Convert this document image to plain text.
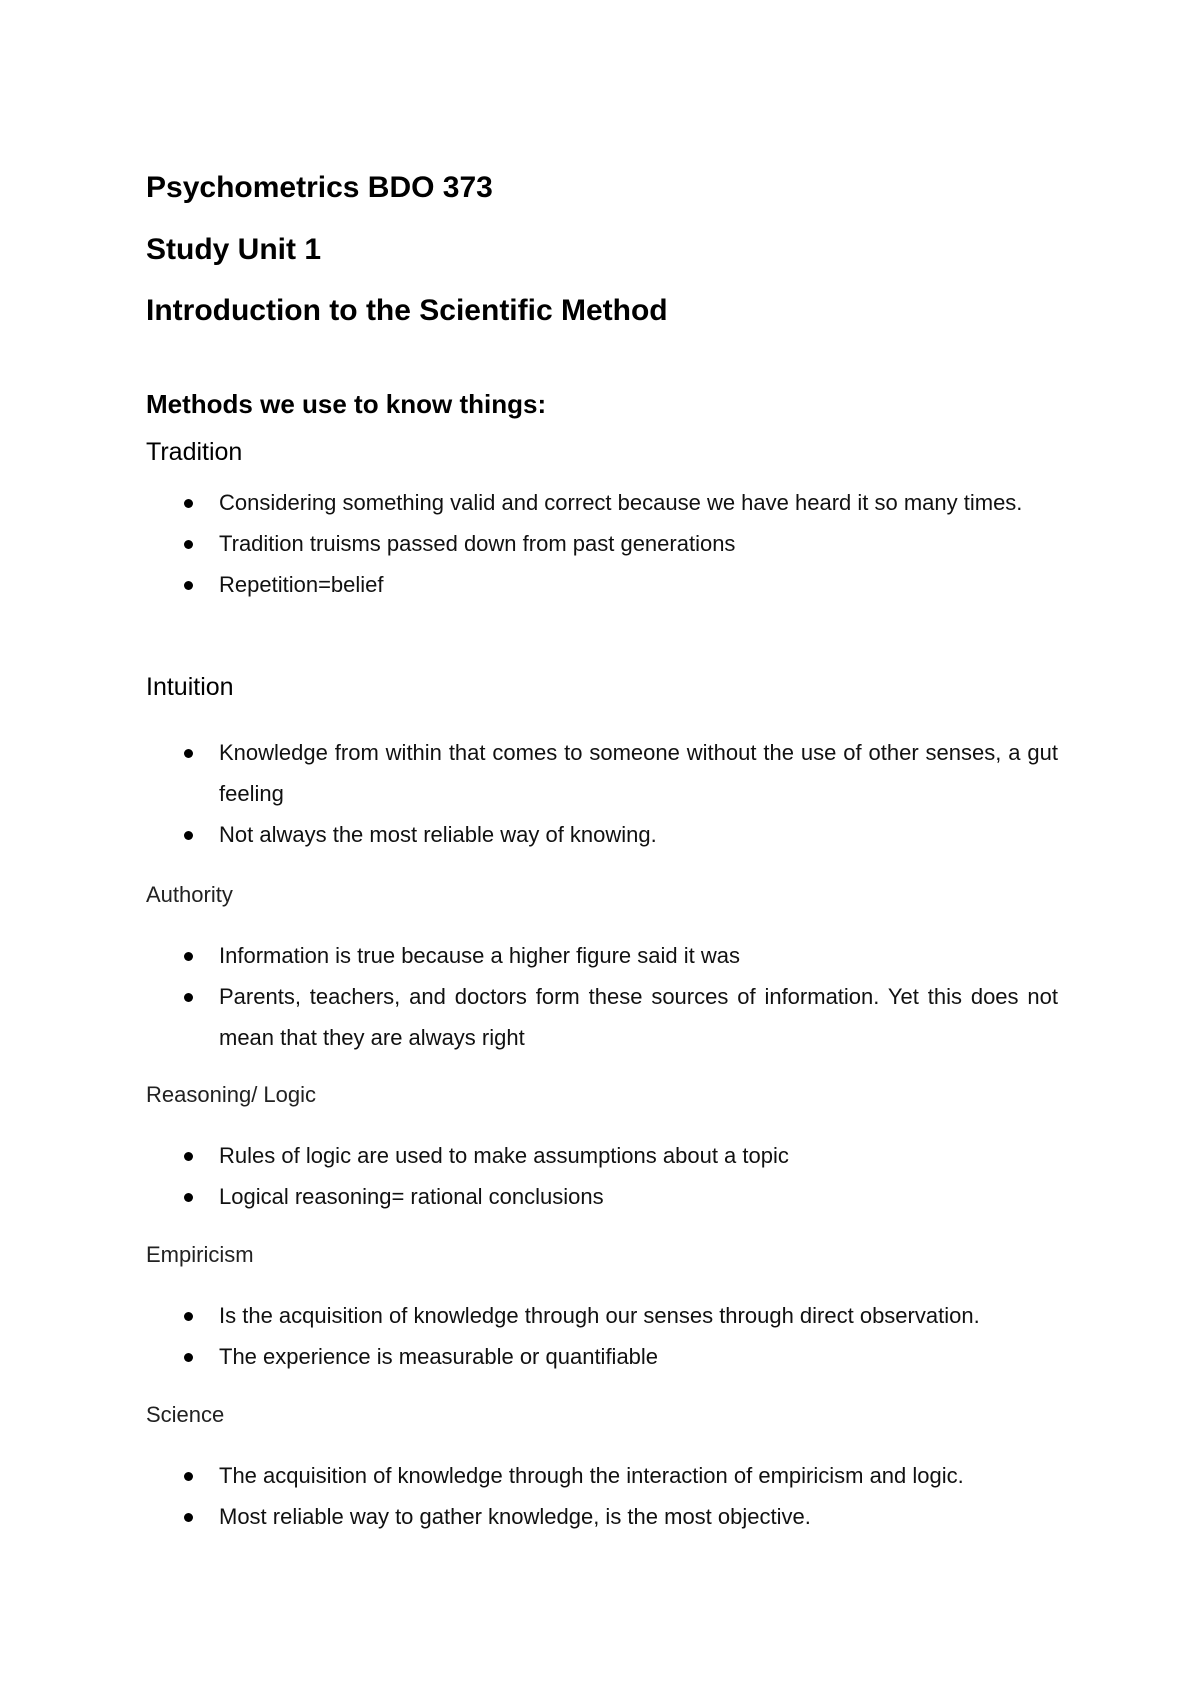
Psychometrics BDO 373
Study Unit 1
Introduction to the Scientific Method
Methods we use to know things:
Tradition
Considering something valid and correct because we have heard it so many times.
Tradition truisms passed down from past generations
Repetition=belief
Intuition
Knowledge from within that comes to someone without the use of other senses, a gut feeling
Not always the most reliable way of knowing.
Authority
Information is true because a higher figure said it was
Parents, teachers, and doctors form these sources of information. Yet this does not mean that they are always right
Reasoning/ Logic
Rules of logic are used to make assumptions about a topic
Logical reasoning= rational conclusions
Empiricism
Is the acquisition of knowledge through our senses through direct observation.
The experience is measurable or quantifiable
Science
The acquisition of knowledge through the interaction of empiricism and logic.
Most reliable way to gather knowledge, is the most objective.
